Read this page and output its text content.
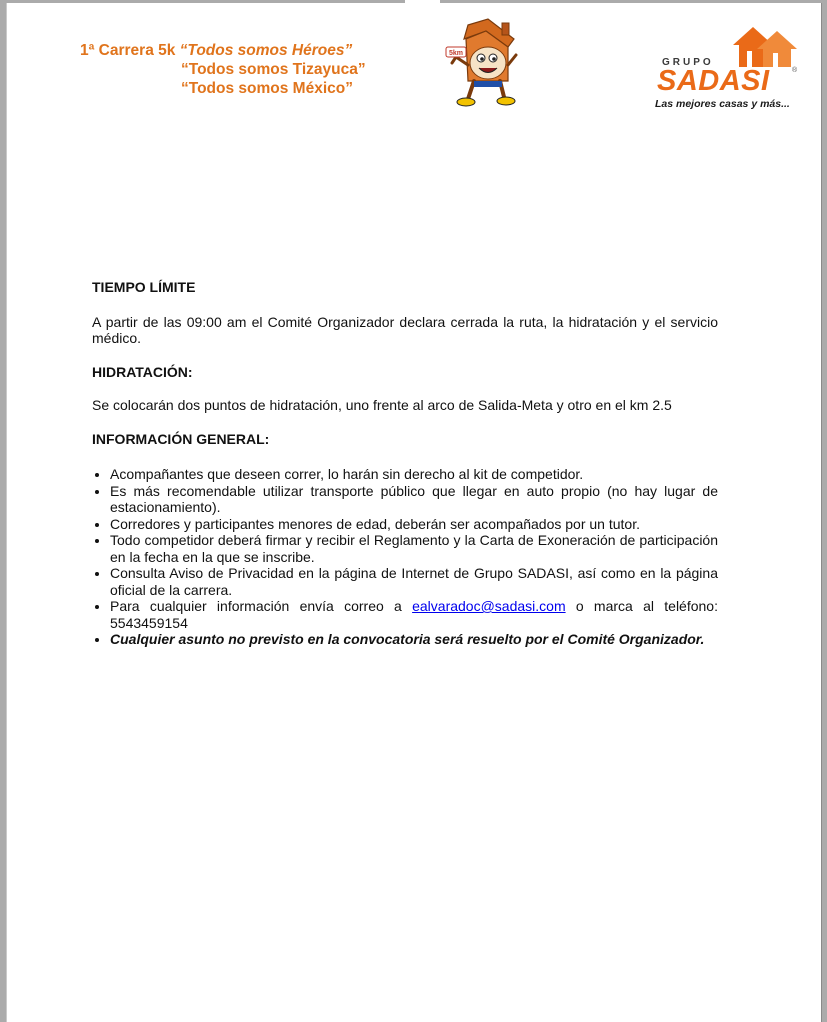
1ª Carrera 5k “Todos somos Héroes”
“Todos somos Tizayuca”
“Todos somos México”
5km
GRUPO
SADASI	®
Las mejores casas y más...

TIEMPO LÍMITE

A partir de las 09:00 am el Comité Organizador declara cerrada la ruta, la hidratación y el servicio médico.

HIDRATACIÓN:

Se colocarán dos puntos de hidratación, uno frente al arco de Salida-Meta y otro en el km 2.5

INFORMACIÓN GENERAL:

• Acompañantes que deseen correr, lo harán sin derecho al kit de competidor.
• Es más recomendable utilizar transporte público que llegar en auto propio (no hay lugar de estacionamiento).
• Corredores y participantes menores de edad, deberán ser acompañados por un tutor.
• Todo competidor deberá firmar y recibir el Reglamento y la Carta de Exoneración de participación en la fecha en la que se inscribe.
• Consulta Aviso de Privacidad en la página de Internet de Grupo SADASI, así como en la página oficial de la carrera.
• Para cualquier información envía correo a ealvaradoc@sadasi.com o marca al teléfono: 5543459154
• Cualquier asunto no previsto en la convocatoria será resuelto por el Comité Organizador.
